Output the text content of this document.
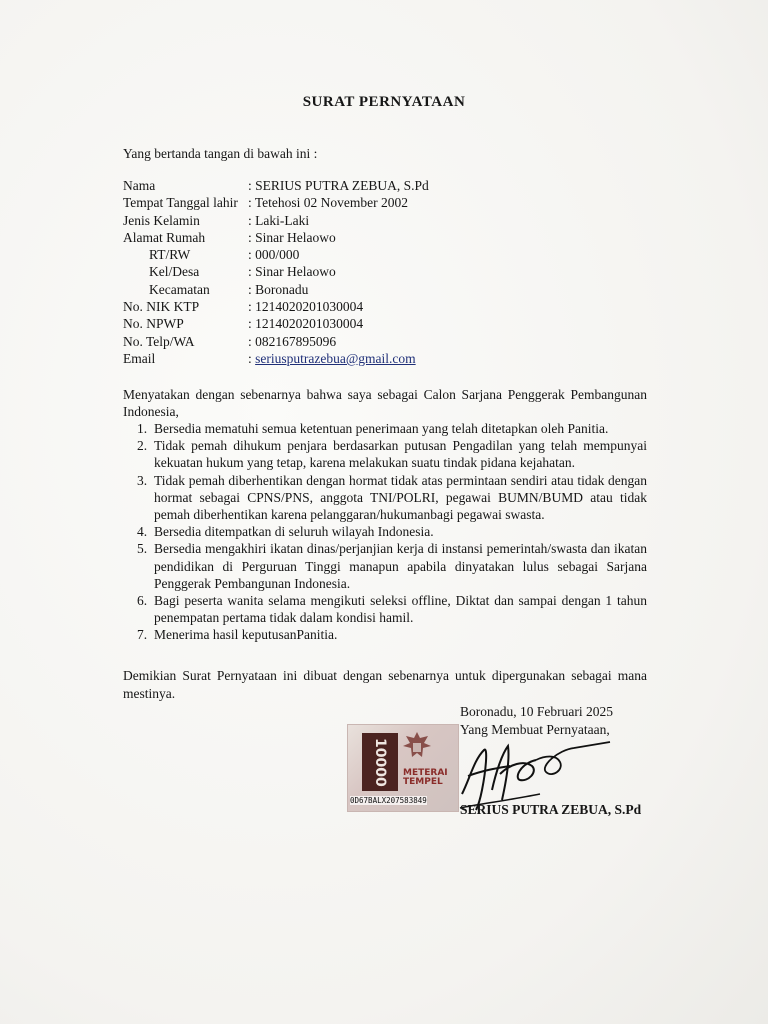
SURAT PERNYATAAN
Yang bertanda tangan di bawah ini :
Nama	: SERIUS PUTRA ZEBUA, S.Pd
Tempat Tanggal lahir : Tetehosi 02 November 2002
Jenis Kelamin	: Laki-Laki
Alamat Rumah	: Sinar Helaowo
RT/RW	: 000/000
Kel/Desa	: Sinar Helaowo
Kecamatan	: Boronadu
No. NIK KTP	: 1214020201030004
No. NPWP	: 1214020201030004
No. Telp/WA	: 082167895096
Email	: seriusputrazebua@gmail.com
Menyatakan dengan sebenarnya bahwa saya sebagai Calon Sarjana Penggerak Pembangunan Indonesia,
1. Bersedia mematuhi semua ketentuan penerimaan yang telah ditetapkan oleh Panitia.
2. Tidak pemah dihukum penjara berdasarkan putusan Pengadilan yang telah mempunyai kekuatan hukum yang tetap, karena melakukan suatu tindak pidana kejahatan.
3. Tidak pemah diberhentikan dengan hormat tidak atas permintaan sendiri atau tidak dengan hormat sebagai CPNS/PNS, anggota TNI/POLRI, pegawai BUMN/BUMD atau tidak pemah diberhentikan karena pelanggaran/hukumanbagi pegawai swasta.
4. Bersedia ditempatkan di seluruh wilayah Indonesia.
5. Bersedia mengakhiri ikatan dinas/perjanjian kerja di instansi pemerintah/swasta dan ikatan pendidikan di Perguruan Tinggi manapun apabila dinyatakan lulus sebagai Sarjana Penggerak Pembangunan Indonesia.
6. Bagi peserta wanita selama mengikuti seleksi offline, Diktat dan sampai dengan 1 tahun penempatan pertama tidak dalam kondisi hamil.
7. Menerima hasil keputusanPanitia.
Demikian Surat Pernyataan ini dibuat dengan sebenarnya untuk dipergunakan sebagai mana mestinya.
Boronadu, 10 Februari 2025
Yang Membuat Pernyataan,
10000	METERAI
TEMPEL
0D67BALX207583849
SERIUS PUTRA ZEBUA, S.Pd
